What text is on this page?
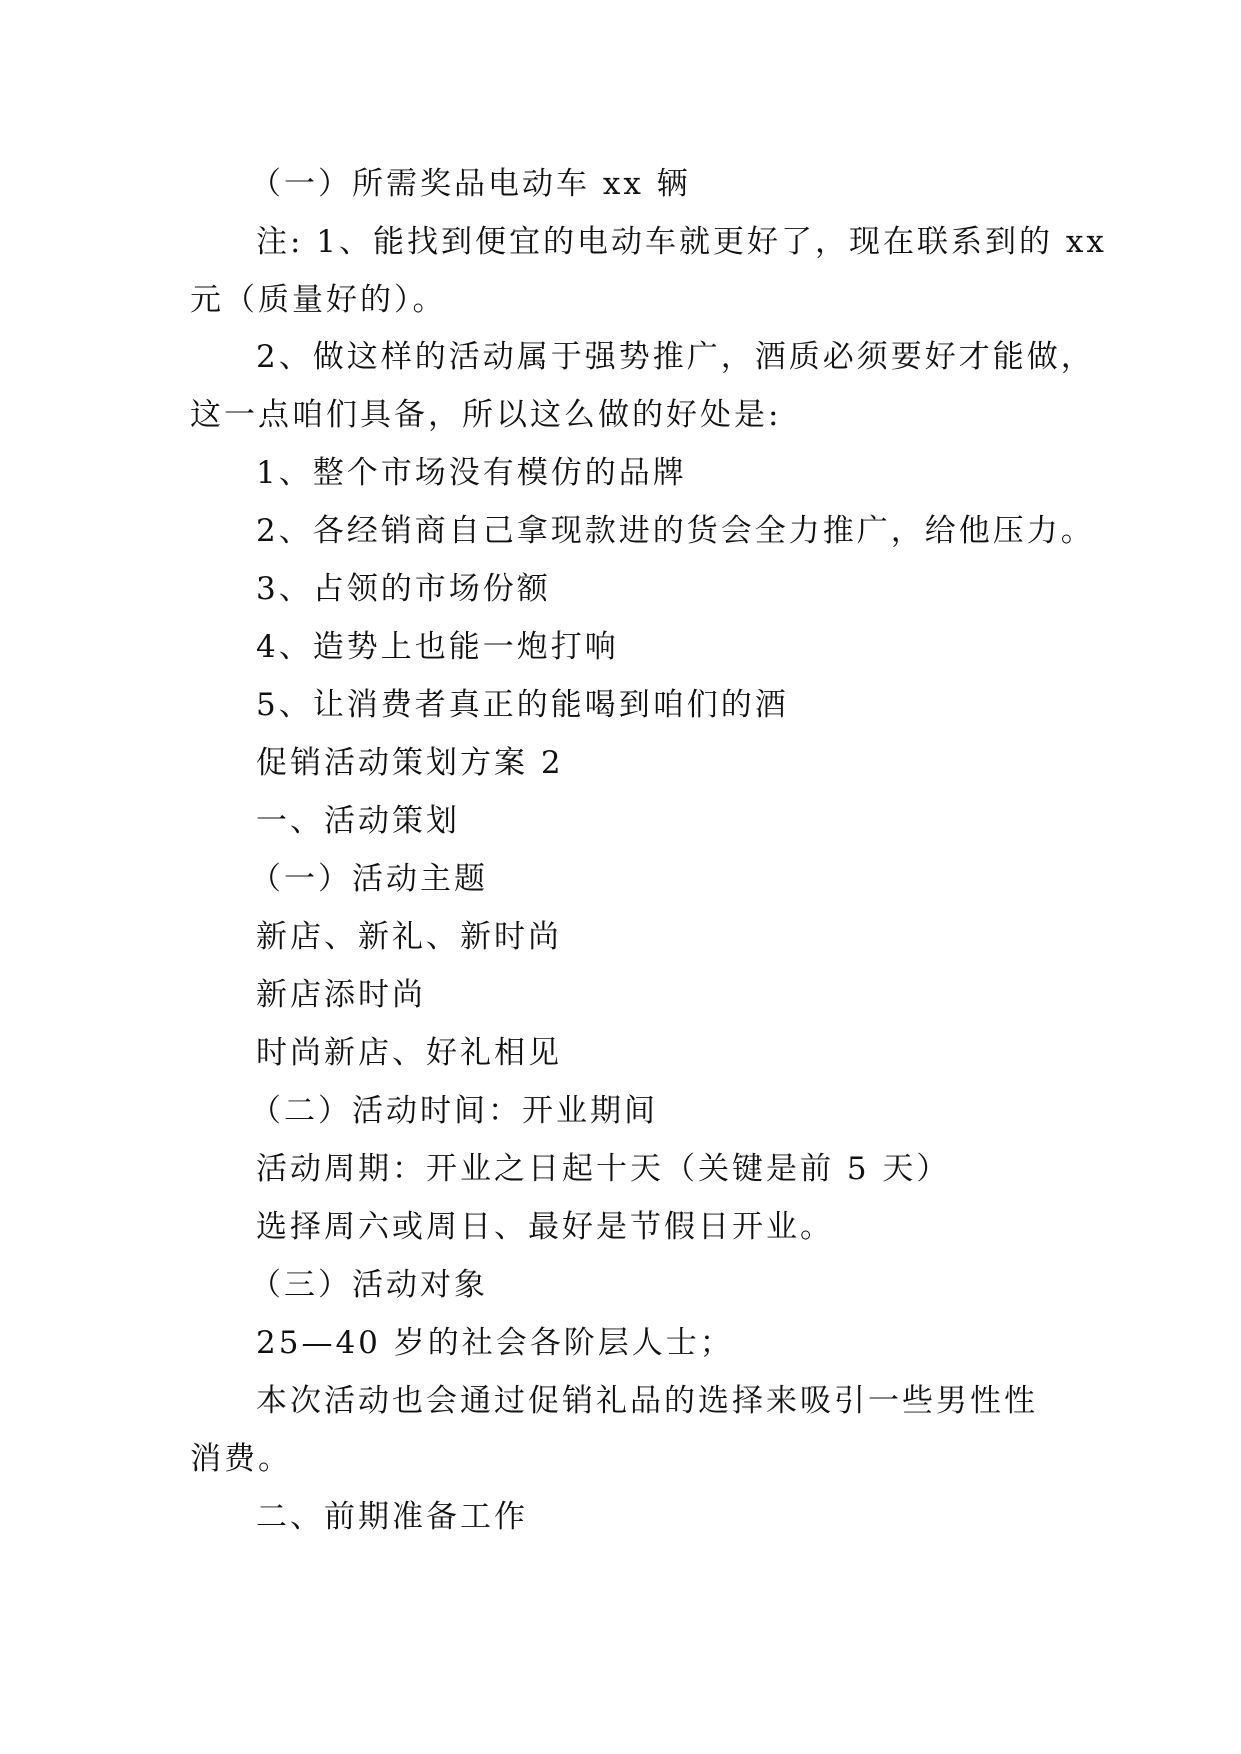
（一）所需奖品电动车 xx 辆
注: 1、能找到便宜的电动车就更好了，现在联系到的 xx
元（质量好的）。
2、做这样的活动属于强势推广，酒质必须要好才能做，
这一点咱们具备，所以这么做的好处是:
1、整个市场没有模仿的品牌
2、各经销商自己拿现款进的货会全力推广，给他压力。
3、占领的市场份额
4、造势上也能一炮打响
5、让消费者真正的能喝到咱们的酒
促销活动策划方案 2
一、活动策划
（一）活动主题
新店、新礼、新时尚
新店添时尚
时尚新店、好礼相见
（二）活动时间：开业期间
活动周期：开业之日起十天（关键是前 5 天）
选择周六或周日、最好是节假日开业。
（三）活动对象
25—40 岁的社会各阶层人士；
本次活动也会通过促销礼品的选择来吸引一些男性性
消费。
二、前期准备工作
